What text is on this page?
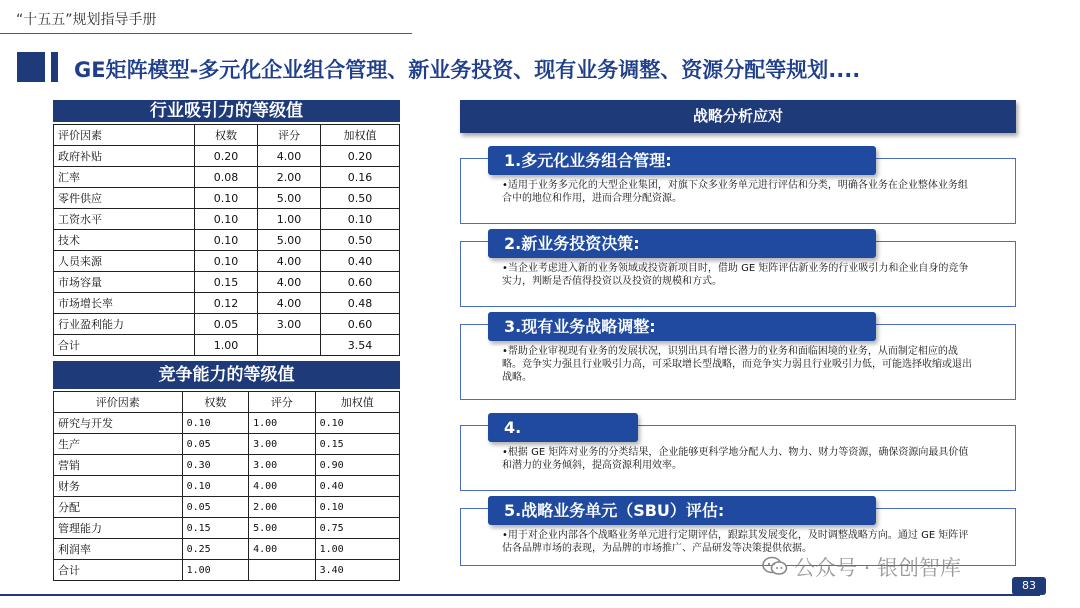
“十五五”规划指导手册
GE矩阵模型-多元化企业组合管理、新业务投资、现有业务调整、资源分配等规划....
行业吸引力的等级值
评价因素	权数	评分	加权值
政府补贴	0.20	4.00	0.20
汇率	0.08	2.00	0.16
零件供应	0.10	5.00	0.50
工资水平	0.10	1.00	0.10
技术	0.10	5.00	0.50
人员来源	0.10	4.00	0.40
市场容量	0.15	4.00	0.60
市场增长率	0.12	4.00	0.48
行业盈利能力	0.05	3.00	0.60
合计	1.00		3.54
竞争能力的等级值
评价因素	权数	评分	加权值
研究与开发	0.10	1.00	0.10
生产	0.05	3.00	0.15
营销	0.30	3.00	0.90
财务	0.10	4.00	0.40
分配	0.05	2.00	0.10
管理能力	0.15	5.00	0.75
利润率	0.25	4.00	1.00
合计	1.00		3.40
战略分析应对
1.多元化业务组合管理:
•适用于业务多元化的大型企业集团，对旗下众多业务单元进行评估和分类，明确各业务在企业整体业务组合中的地位和作用，进而合理分配资源。
2.新业务投资决策:
•当企业考虑进入新的业务领域或投资新项目时，借助 GE 矩阵评估新业务的行业吸引力和企业自身的竞争实力，判断是否值得投资以及投资的规模和方式。
3.现有业务战略调整:
•帮助企业审视现有业务的发展状况，识别出具有增长潜力的业务和面临困境的业务，从而制定相应的战略。竞争实力强且行业吸引力高，可采取增长型战略，而竞争实力弱且行业吸引力低，可能选择收缩或退出战略。
4.
•根据 GE 矩阵对业务的分类结果，企业能够更科学地分配人力、物力、财力等资源，确保资源向最具价值和潜力的业务倾斜，提高资源利用效率。
5.战略业务单元（SBU）评估:
•用于对企业内部各个战略业务单元进行定期评估，跟踪其发展变化，及时调整战略方向。通过 GE 矩阵评估各品牌市场的表现，为品牌的市场推广、产品研发等决策提供依据。
公众号 · 银创智库
83
